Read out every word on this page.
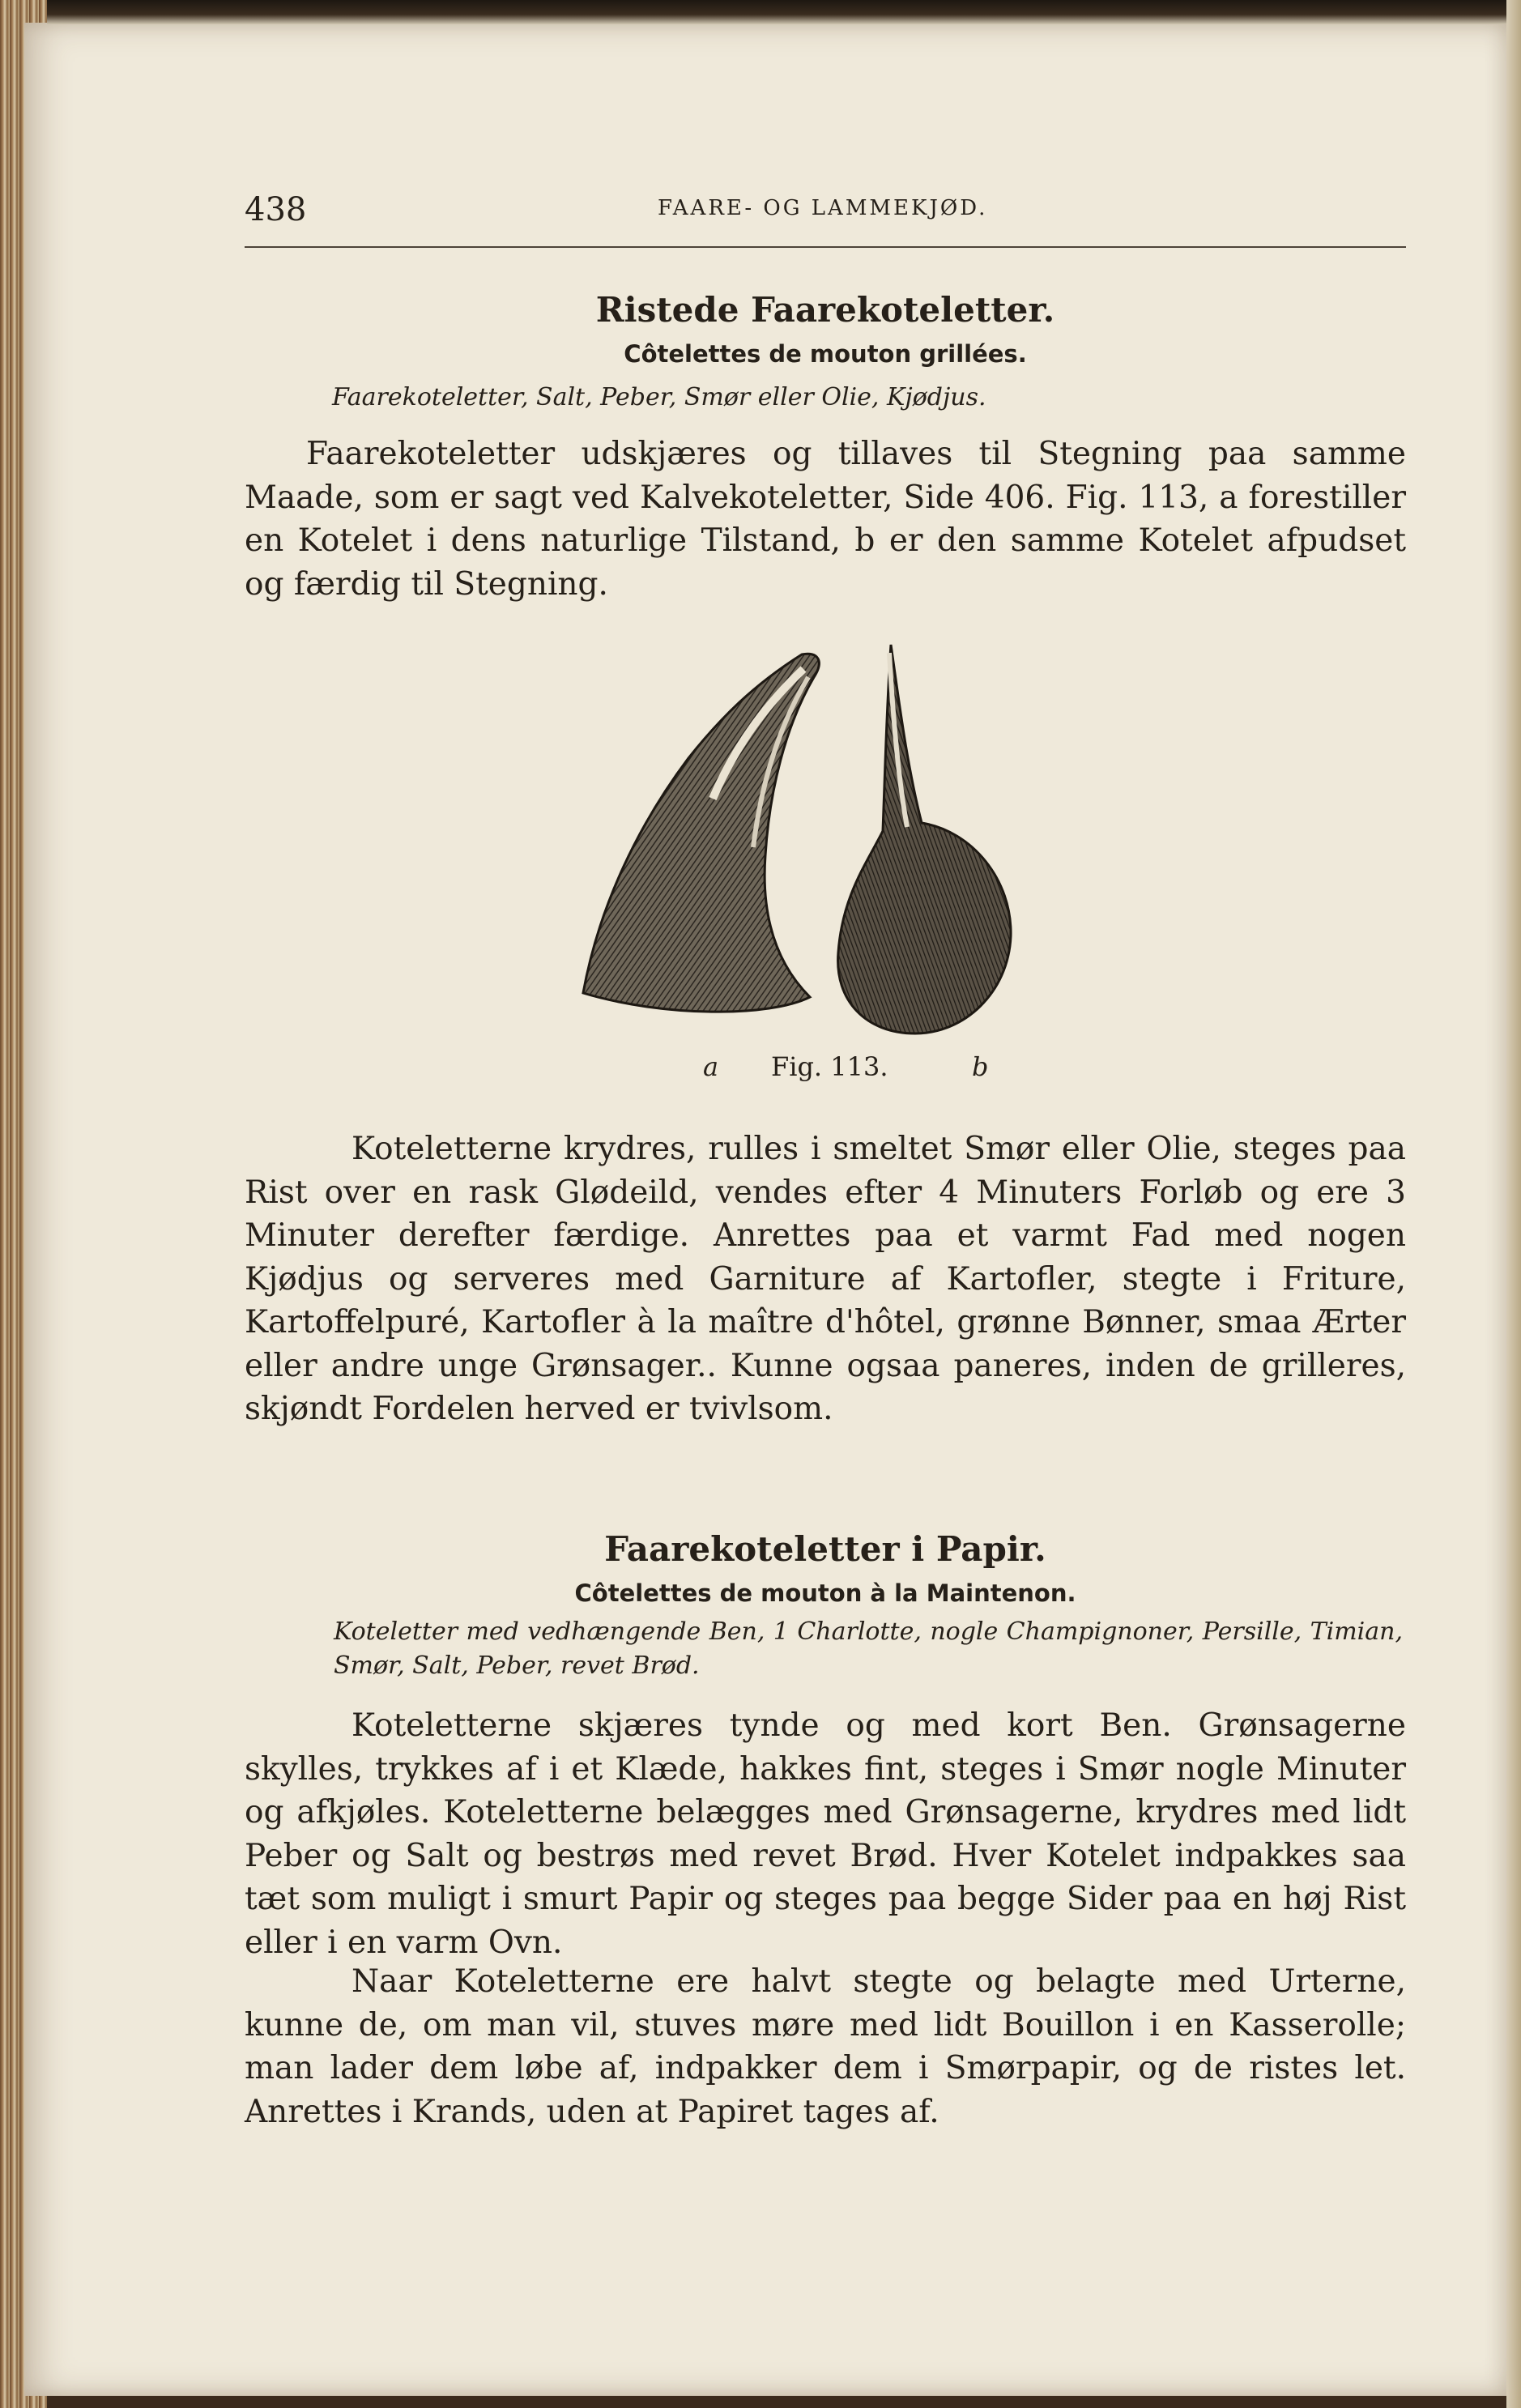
438	FAARE- OG LAMMEKJØD.
Ristede Faarekoteletter.
Côtelettes de mouton grillées.
Faarekoteletter, Salt, Peber, Smør eller Olie, Kjødjus.

Faarekoteletter udskjæres og tillaves til Stegning paa samme Maade, som er sagt ved Kalvekoteletter, Side 406. Fig. 113, a forestiller en Kotelet i dens naturlige Tilstand, b er den samme Kotelet afpudset og færdig til Stegning.

a Fig. 113.	b

Koteletterne krydres, rulles i smeltet Smør eller Olie, steges paa Rist over en rask Glødeild, vendes efter 4 Minuters Forløb og ere 3 Minuter derefter færdige. Anrettes paa et varmt Fad med nogen Kjødjus og serveres med Garniture af Kartofler, stegte i Friture, Kartoffelpuré, Kartofler à la maître d'hôtel, grønne Bønner, smaa Ærter eller andre unge Grønsager.. Kunne ogsaa paneres, inden de grilleres, skjøndt Fordelen herved er tvivlsom.

Faarekoteletter i Papir.
Côtelettes de mouton à la Maintenon.
Koteletter med vedhængende Ben, 1 Charlotte, nogle Champignoner, Persille, Timian, Smør, Salt, Peber, revet Brød.

Koteletterne skjæres tynde og med kort Ben. Grønsagerne skylles, trykkes af i et Klæde, hakkes fint, steges i Smør nogle Minuter og afkjøles. Koteletterne belægges med Grønsagerne, krydres med lidt Peber og Salt og bestrøs med revet Brød. Hver Kotelet indpakkes saa tæt som muligt i smurt Papir og steges paa begge Sider paa en høj Rist eller i en varm Ovn.

Naar Koteletterne ere halvt stegte og belagte med Urterne, kunne de, om man vil, stuves møre med lidt Bouillon i en Kasserolle; man lader dem løbe af, indpakker dem i Smørpapir, og de ristes let. Anrettes i Krands, uden at Papiret tages af.
